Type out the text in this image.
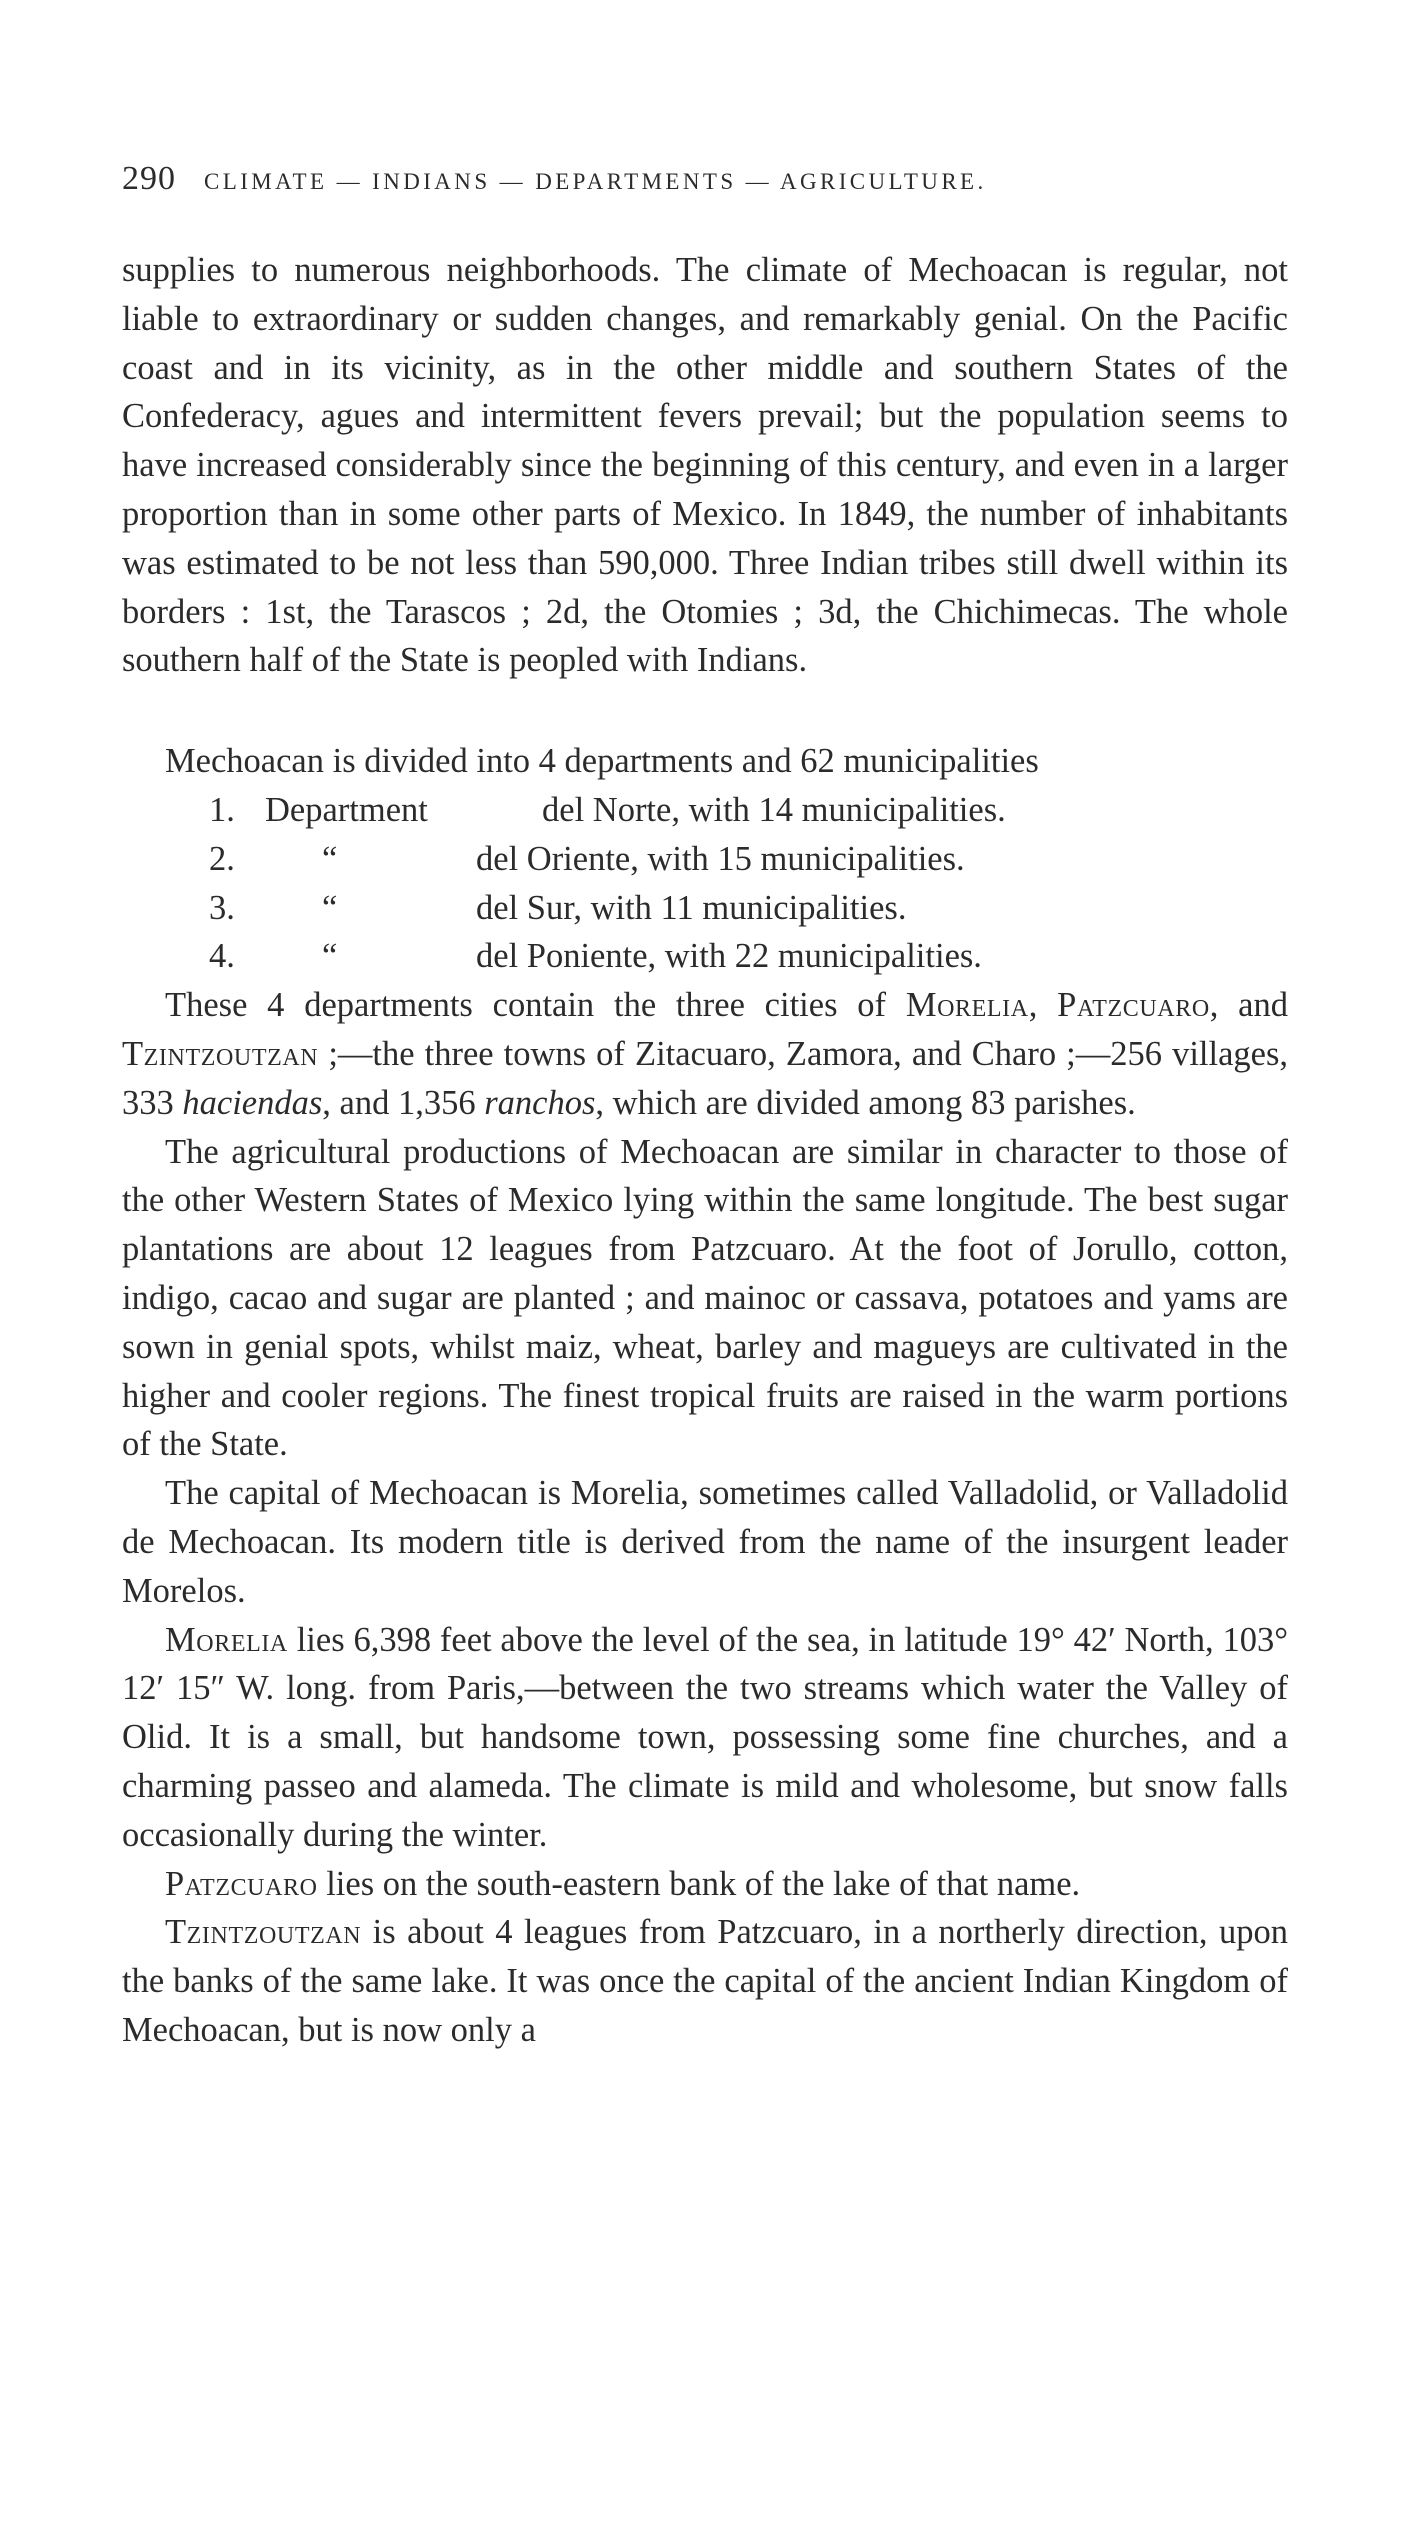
290	CLIMATE — INDIANS — DEPARTMENTS — AGRICULTURE.

supplies to numerous neighborhoods. The climate of Mechoacan is regular, not liable to extraordinary or sudden changes, and remarkably genial. On the Pacific coast and in its vicinity, as in the other middle and southern States of the Confederacy, agues and intermittent fevers prevail; but the population seems to have increased considerably since the beginning of this century, and even in a larger proportion than in some other parts of Mexico. In 1849, the number of inhabitants was estimated to be not less than 590,000. Three Indian tribes still dwell within its borders : 1st, the Tarascos ; 2d, the Otomies ; 3d, the Chichimecas. The whole southern half of the State is peopled with Indians.

Mechoacan is divided into 4 departments and 62 municipalities
1. Department	del Norte, with 14 municipalities.
2.	“	del Oriente, with 15 municipalities.
3.	“	del Sur, with 11 municipalities.
4.	“	del Poniente, with 22 municipalities.

These 4 departments contain the three cities of Morelia, Patzcuaro, and Tzintzoutzan ;—the three towns of Zitacuaro, Zamora, and Charo ;—256 villages, 333 haciendas, and 1,356 ranchos, which are divided among 83 parishes.

The agricultural productions of Mechoacan are similar in character to those of the other Western States of Mexico lying within the same longitude. The best sugar plantations are about 12 leagues from Patzcuaro. At the foot of Jorullo, cotton, indigo, cacao and sugar are planted ; and mainoc or cassava, potatoes and yams are sown in genial spots, whilst maiz, wheat, barley and magueys are cultivated in the higher and cooler regions. The finest tropical fruits are raised in the warm portions of the State.

The capital of Mechoacan is Morelia, sometimes called Valladolid, or Valladolid de Mechoacan. Its modern title is derived from the name of the insurgent leader Morelos.

Morelia lies 6,398 feet above the level of the sea, in latitude 19° 42′ North, 103° 12′ 15″ W. long. from Paris,—between the two streams which water the Valley of Olid. It is a small, but handsome town, possessing some fine churches, and a charming passeo and alameda. The climate is mild and wholesome, but snow falls occasionally during the winter.

Patzcuaro lies on the south-eastern bank of the lake of that name.

Tzintzoutzan is about 4 leagues from Patzcuaro, in a northerly direction, upon the banks of the same lake. It was once the capital of the ancient Indian Kingdom of Mechoacan, but is now only a
